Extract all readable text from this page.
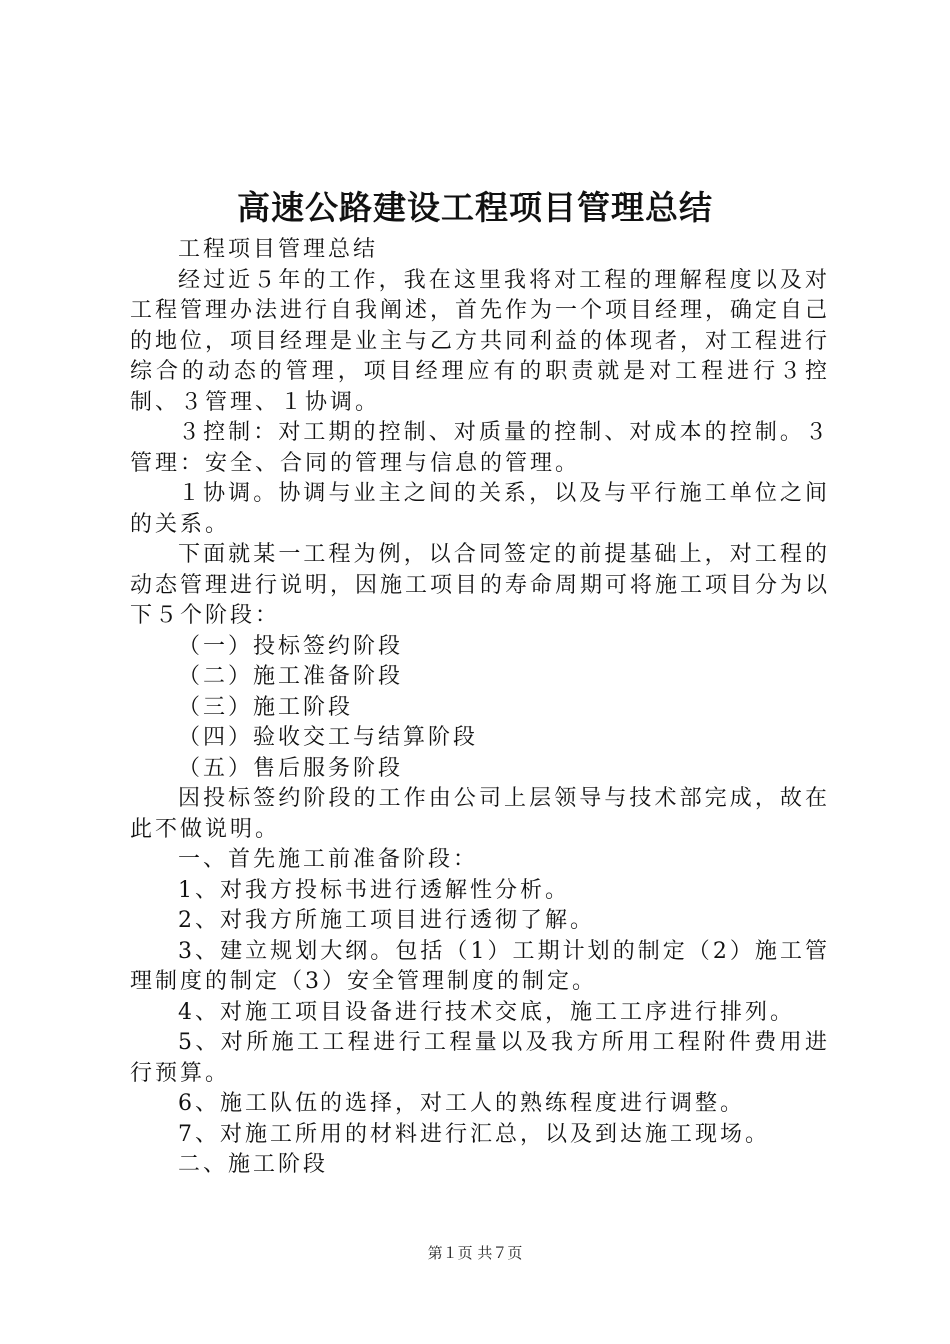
高速公路建设工程项目管理总结

工程项目管理总结

经过近５年的工作，我在这里我将对工程的理解程度以及对工程管理办法进行自我阐述，首先作为一个项目经理，确定自己的地位，项目经理是业主与乙方共同利益的体现者，对工程进行综合的动态的管理，项目经理应有的职责就是对工程进行３控制、３管理、１协调。

３控制：对工期的控制、对质量的控制、对成本的控制。３管理：安全、合同的管理与信息的管理。

１协调。协调与业主之间的关系，以及与平行施工单位之间的关系。

下面就某一工程为例，以合同签定的前提基础上，对工程的动态管理进行说明，因施工项目的寿命周期可将施工项目分为以下５个阶段：

（一）投标签约阶段

（二）施工准备阶段

（三）施工阶段

（四）验收交工与结算阶段

（五）售后服务阶段

因投标签约阶段的工作由公司上层领导与技术部完成，故在此不做说明。

一、首先施工前准备阶段：

1、对我方投标书进行透解性分析。

2、对我方所施工项目进行透彻了解。

3、建立规划大纲。包括（1）工期计划的制定（2）施工管理制度的制定（3）安全管理制度的制定。

4、对施工项目设备进行技术交底，施工工序进行排列。

5、对所施工工程进行工程量以及我方所用工程附件费用进行预算。

6、施工队伍的选择，对工人的熟练程度进行调整。

7、对施工所用的材料进行汇总，以及到达施工现场。

二、施工阶段

第１页 共７页
